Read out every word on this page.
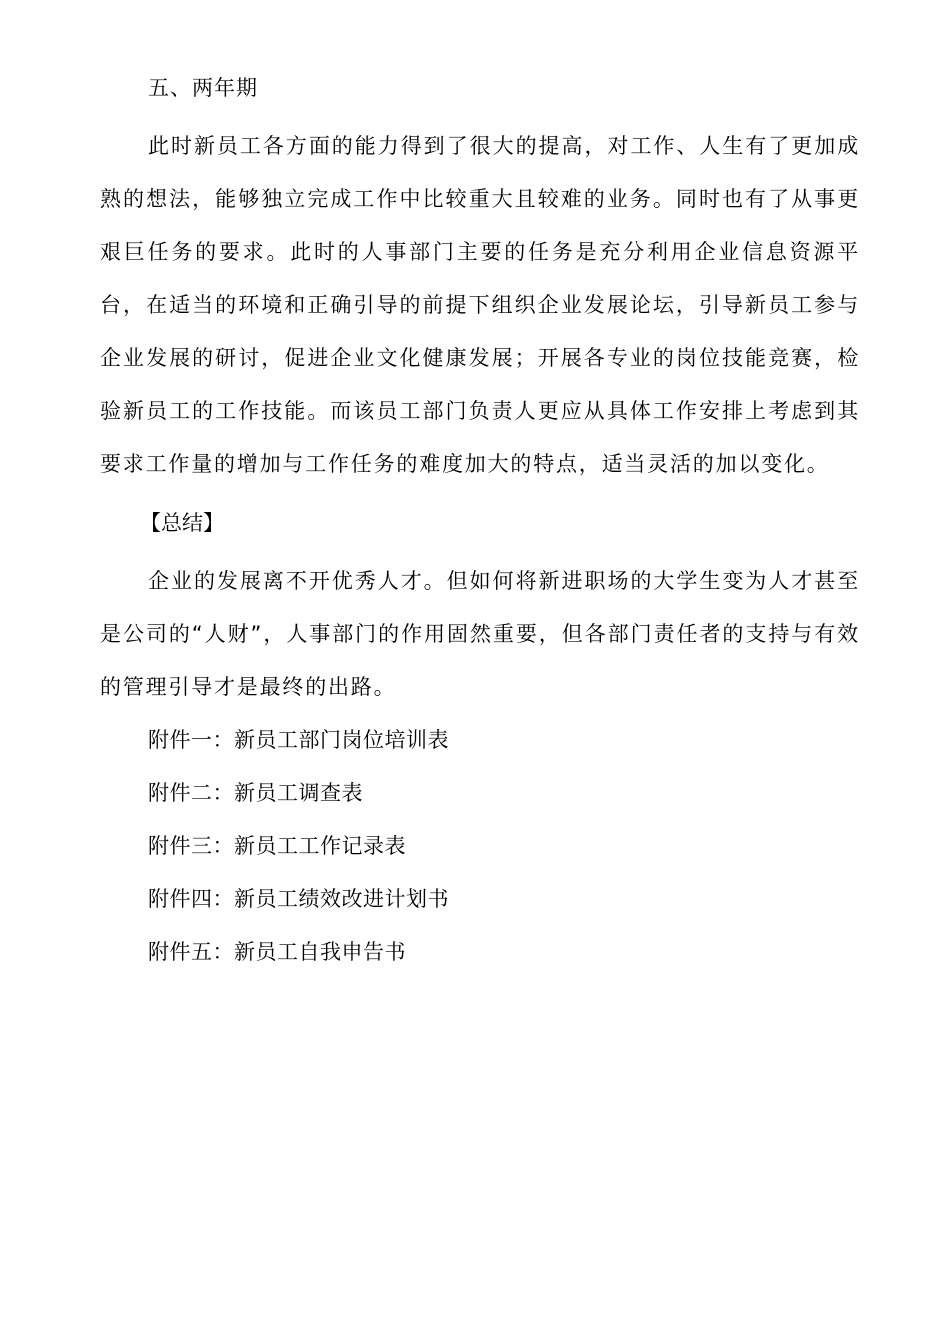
五、两年期

此时新员工各方面的能力得到了很大的提高，对工作、人生有了更加成熟的想法，能够独立完成工作中比较重大且较难的业务。同时也有了从事更艰巨任务的要求。此时的人事部门主要的任务是充分利用企业信息资源平台，在适当的环境和正确引导的前提下组织企业发展论坛，引导新员工参与企业发展的研讨，促进企业文化健康发展；开展各专业的岗位技能竞赛，检验新员工的工作技能。而该员工部门负责人更应从具体工作安排上考虑到其要求工作量的增加与工作任务的难度加大的特点，适当灵活的加以变化。

【总结】

企业的发展离不开优秀人才。但如何将新进职场的大学生变为人才甚至是公司的“人财”，人事部门的作用固然重要，但各部门责任者的支持与有效的管理引导才是最终的出路。

附件一：新员工部门岗位培训表
附件二：新员工调查表
附件三：新员工工作记录表
附件四：新员工绩效改进计划书
附件五：新员工自我申告书
